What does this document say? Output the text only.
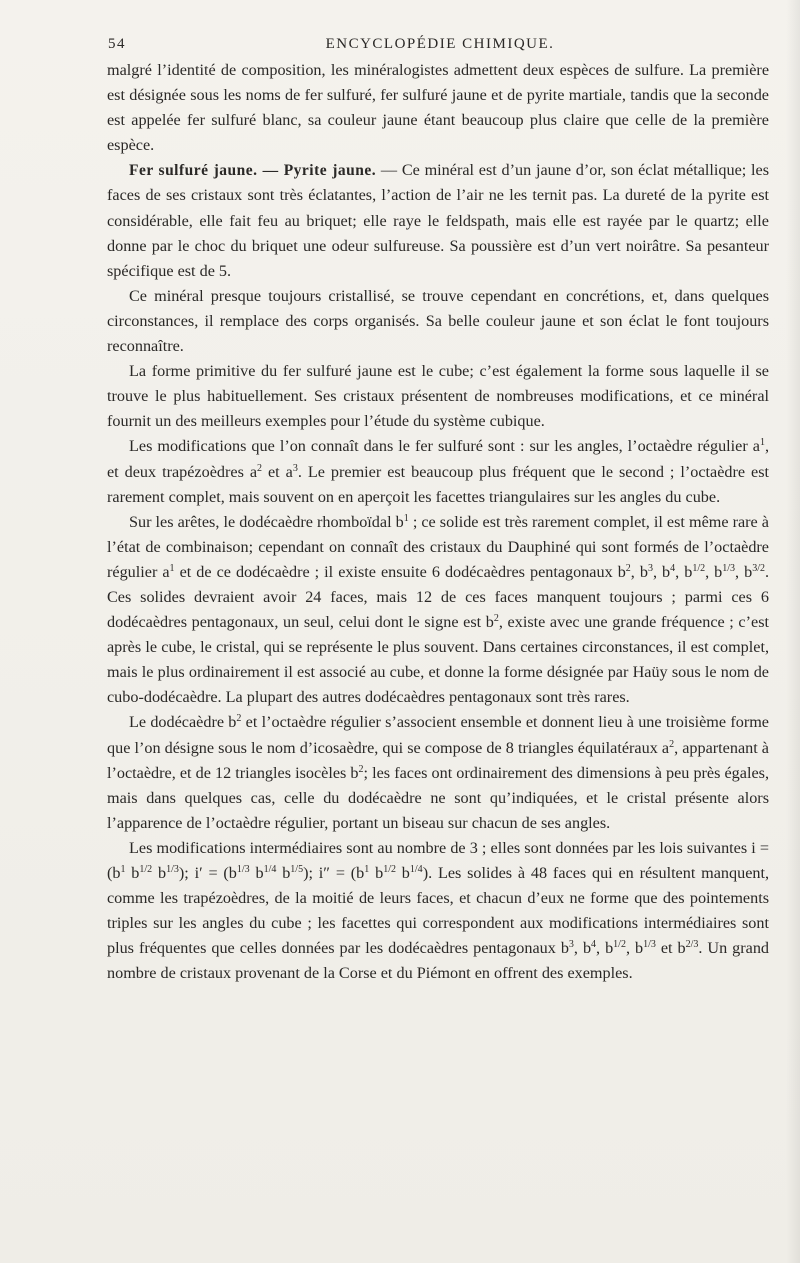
54	ENCYCLOPÉDIE CHIMIQUE.

malgré l’identité de composition, les minéralogistes admettent deux espèces de sulfure. La première est désignée sous les noms de fer sulfuré, fer sulfuré jaune et de pyrite martiale, tandis que la seconde est appelée fer sulfuré blanc, sa couleur jaune étant beaucoup plus claire que celle de la première espèce.

Fer sulfuré jaune. — Pyrite jaune. — Ce minéral est d’un jaune d’or, son éclat métallique; les faces de ses cristaux sont très éclatantes, l’action de l’air ne les ternit pas. La dureté de la pyrite est considérable, elle fait feu au briquet; elle raye le feldspath, mais elle est rayée par le quartz; elle donne par le choc du briquet une odeur sulfureuse. Sa poussière est d’un vert noirâtre. Sa pesanteur spécifique est de 5.

Ce minéral presque toujours cristallisé, se trouve cependant en concrétions, et, dans quelques circonstances, il remplace des corps organisés. Sa belle couleur jaune et son éclat le font toujours reconnaître.

La forme primitive du fer sulfuré jaune est le cube; c’est également la forme sous laquelle il se trouve le plus habituellement. Ses cristaux présentent de nombreuses modifications, et ce minéral fournit un des meilleurs exemples pour l’étude du système cubique.

Les modifications que l’on connaît dans le fer sulfuré sont : sur les angles, l’octaèdre régulier $a^1$, et deux trapézoèdres $a^2$ et $a^3$. Le premier est beaucoup plus fréquent que le second ; l’octaèdre est rarement complet, mais souvent on en aperçoit les facettes triangulaires sur les angles du cube.

Sur les arêtes, le dodécaèdre rhomboïdal $b^1$ ; ce solide est très rarement complet, il est même rare à l’état de combinaison; cependant on connaît des cristaux du Dauphiné qui sont formés de l’octaèdre régulier $a^1$ et de ce dodécaèdre ; il existe ensuite 6 dodécaèdres pentagonaux $b^2$, $b^3$, $b^4$, $b^{1/2}$, $b^{1/3}$, $b^{3/2}$. Ces solides devraient avoir 24 faces, mais 12 de ces faces manquent toujours ; parmi ces 6 dodécaèdres pentagonaux, un seul, celui dont le signe est $b^2$, existe avec une grande fréquence ; c’est après le cube, le cristal, qui se représente le plus souvent. Dans certaines circonstances, il est complet, mais le plus ordinairement il est associé au cube, et donne la forme désignée par Haüy sous le nom de cubo-dodécaèdre. La plupart des autres dodécaèdres pentagonaux sont très rares.

Le dodécaèdre $b^2$ et l’octaèdre régulier s’associent ensemble et donnent lieu à une troisième forme que l’on désigne sous le nom d’icosaèdre, qui se compose de 8 triangles équilatéraux $a^2$, appartenant à l’octaèdre, et de 12 triangles isocèles $b^2$; les faces ont ordinairement des dimensions à peu près égales, mais dans quelques cas, celle du dodécaèdre ne sont qu’indiquées, et le cristal présente alors l’apparence de l’octaèdre régulier, portant un biseau sur chacun de ses angles.

Les modifications intermédiaires sont au nombre de 3 ; elles sont données par les lois suivantes $i = (b^1$ $b^{1/2}$ $b^{1/3}$); $i' = (b^{1/3}$ $b^{1/4}$ $b^{1/5}$); $i'' = (b^1$ $b^{1/2}$ $b^{1/4}$). Les solides à 48 faces qui en résultent manquent, comme les trapézoèdres, de la moitié de leurs faces, et chacun d’eux ne forme que des pointements triples sur les angles du cube ; les facettes qui correspondent aux modifications intermédiaires sont plus fréquentes que celles données par les dodécaèdres pentagonaux $b^3$, $b^4$, $b^{1/2}$, $b^{1/3}$ et $b^{2/3}$. Un grand nombre de cristaux provenant de la Corse et du Piémont en offrent des exemples.
